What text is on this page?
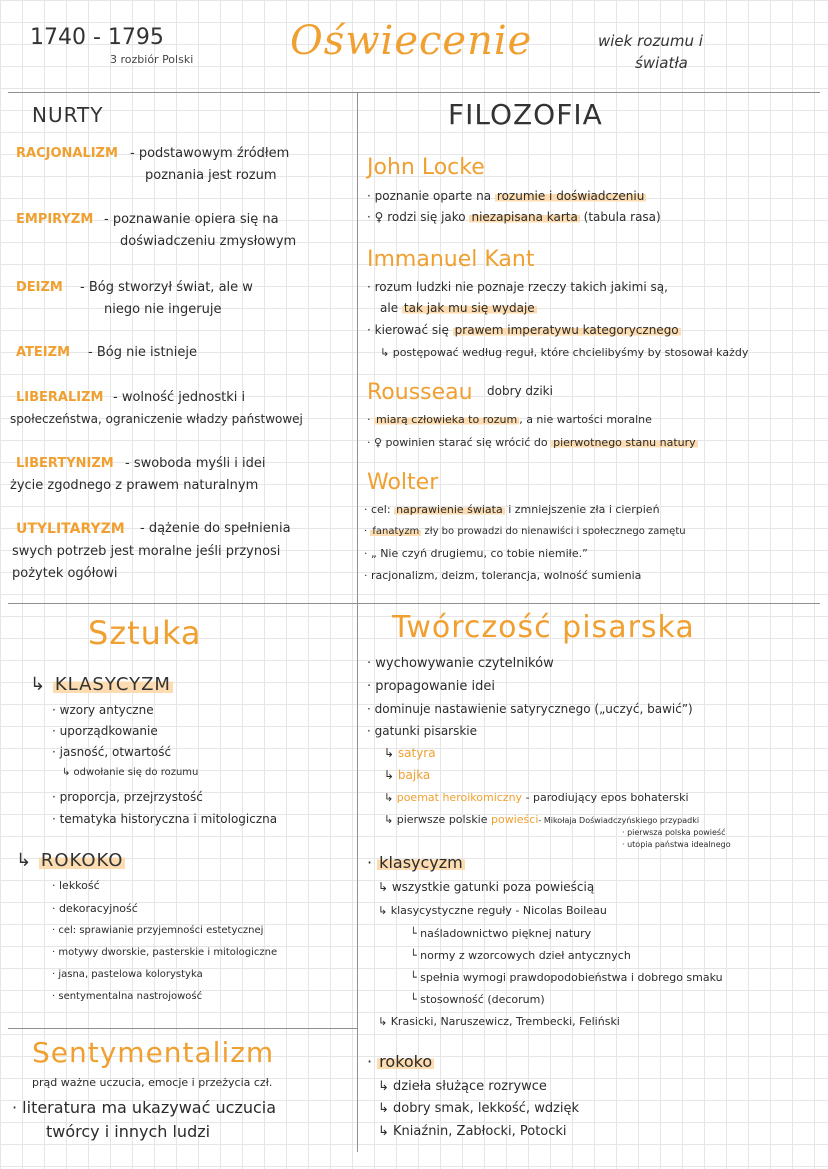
1740 - 1795
3 rozbiór Polski Oświecenie	wiek rozumu i
światła
NURTY
RACJONALIZM - podstawowym źródłem
poznania jest rozum
EMPIRYZM - poznawanie opiera się na
doświadczeniu zmysłowym
DEIZM - Bóg stworzył świat, ale w
niego nie ingeruje
ATEIZM - Bóg nie istnieje
LIBERALIZM - wolność jednostki i
społeczeństwa, ograniczenie władzy państwowej
LIBERTYNIZM - swoboda myśli i idei
życie zgodnego z prawem naturalnym
UTYLITARYZM - dążenie do spełnienia
swych potrzeb jest moralne jeśli przynosi
pożytek ogółowi
FILOZOFIA
John Locke
· poznanie oparte na rozumie i doświadczeniu
· ♀ rodzi się jako niezapisana karta (tabula rasa)
Immanuel Kant
· rozum ludzki nie poznaje rzeczy takich jakimi są,
ale tak jak mu się wydaje
· kierować się prawem imperatywu kategorycznego
↳ postępować według reguł, które chcielibyśmy by stosował każdy
Rousseau dobry dziki
· miarą człowieka to rozum , a nie wartości moralne
· ♀ powinien starać się wrócić do pierwotnego stanu natury
Wolter
· cel: naprawienie świata i zmniejszenie zła i cierpień
· fanatyzm zły bo prowadzi do nienawiści i społecznego zamętu
· „ Nie czyń drugiemu, co tobie niemiłe.”
· racjonalizm, deizm, tolerancja, wolność sumienia
Sztuka
↳ KLASYCYZM
· wzory antyczne
· uporządkowanie
· jasność, otwartość
↳ odwołanie się do rozumu
· proporcja, przejrzystość
· tematyka historyczna i mitologiczna
↳ ROKOKO
· lekkość
· dekoracyjność
· cel: sprawianie przyjemności estetycznej
· motywy dworskie, pasterskie i mitologiczne
· jasna, pastelowa kolorystyka
· sentymentalna nastrojowość
Sentymentalizm
prąd ważne uczucia, emocje i przeżycia czł.
· literatura ma ukazywać uczucia
twórcy i innych ludzi
Twórczość pisarska
· wychowywanie czytelników
· propagowanie idei
· dominuje nastawienie satyrycznego („uczyć, bawić”)
· gatunki pisarskie
↳ satyra
↳ bajka
↳ poemat heroikomiczny - parodiujący epos bohaterski
↳ pierwsze polskie powieści- Mikołaja Doświadczyńskiego przypadki
· pierwsza polska powieść
· utopia państwa idealnego
· klasycyzm
↳ wszystkie gatunki poza powieścią
↳ klasycystyczne reguły - Nicolas Boileau
└ naśladownictwo pięknej natury
└ normy z wzorcowych dzieł antycznych
└ spełnia wymogi prawdopodobieństwa i dobrego smaku
└ stosowność (decorum)
↳ Krasicki, Naruszewicz, Trembecki, Feliński
· rokoko
↳ dzieła służące rozrywce
↳ dobry smak, lekkość, wdzięk
↳ Kniaźnin, Zabłocki, Potocki
